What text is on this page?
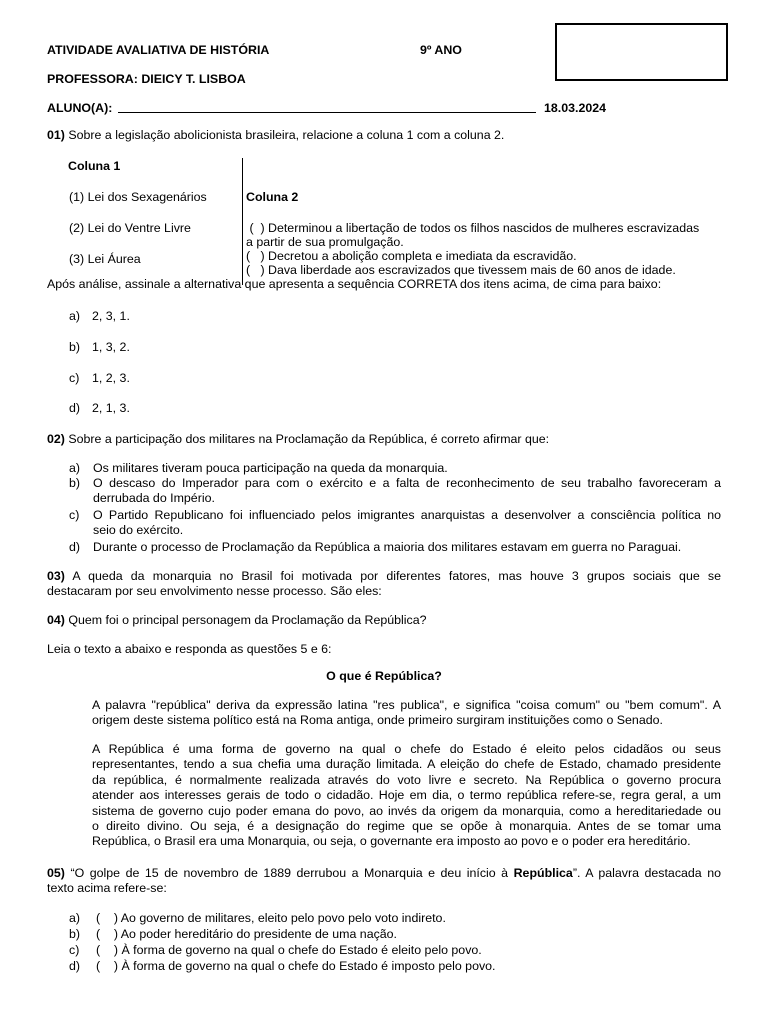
ATIVIDADE AVALIATIVA DE HISTÓRIA	9º ANO
PROFESSORA: DIEICY T. LISBOA
ALUNO(A):	18.03.2024
01) Sobre a legislação abolicionista brasileira, relacione a coluna 1 com a coluna 2.
Coluna 1
(1) Lei dos Sexagenários
(2) Lei do Ventre Livre
(3) Lei Áurea
Coluna 2
(  ) Determinou a libertação de todos os filhos nascidos de mulheres escravizadas
a partir de sua promulgação.
(   ) Decretou a abolição completa e imediata da escravidão.
(   ) Dava liberdade aos escravizados que tivessem mais de 60 anos de idade.
Após análise, assinale a alternativa que apresenta a sequência CORRETA dos itens acima, de cima para baixo:
a) 2, 3, 1.
b) 1, 3, 2.
c) 1, 2, 3.
d) 2, 1, 3.
02) Sobre a participação dos militares na Proclamação da República, é correto afirmar que:
a) Os militares tiveram pouca participação na queda da monarquia.
b) O descaso do Imperador para com o exército e a falta de reconhecimento de seu trabalho favoreceram a
derrubada do Império.
c) O Partido Republicano foi influenciado pelos imigrantes anarquistas a desenvolver a consciência política no
seio do exército.
d) Durante o processo de Proclamação da República a maioria dos militares estavam em guerra no Paraguai.
03) A queda da monarquia no Brasil foi motivada por diferentes fatores, mas houve 3 grupos sociais que se
destacaram por seu envolvimento nesse processo. São eles:
04) Quem foi o principal personagem da Proclamação da República?
Leia o texto a abaixo e responda as questões 5 e 6:
O que é República?
A palavra "república" deriva da expressão latina "res publica", e significa "coisa comum" ou "bem comum". A
origem deste sistema político está na Roma antiga, onde primeiro surgiram instituições como o Senado.
A República é uma forma de governo na qual o chefe do Estado é eleito pelos cidadãos ou seus
representantes, tendo a sua chefia uma duração limitada. A eleição do chefe de Estado, chamado presidente
da república, é normalmente realizada através do voto livre e secreto. Na República o governo procura
atender aos interesses gerais de todo o cidadão. Hoje em dia, o termo república refere-se, regra geral, a um
sistema de governo cujo poder emana do povo, ao invés da origem da monarquia, como a hereditariedade ou
o direito divino. Ou seja, é a designação do regime que se opõe à monarquia. Antes de se tomar uma
República, o Brasil era uma Monarquia, ou seja, o governante era imposto ao povo e o poder era hereditário.
05) “O golpe de 15 de novembro de 1889 derrubou a Monarquia e deu início à República”. A palavra destacada no
texto acima refere-se:
a) (    ) Ao governo de militares, eleito pelo povo pelo voto indireto.
b) (    ) Ao poder hereditário do presidente de uma nação.
c) (    ) À forma de governo na qual o chefe do Estado é eleito pelo povo.
d) (    ) À forma de governo na qual o chefe do Estado é imposto pelo povo.
